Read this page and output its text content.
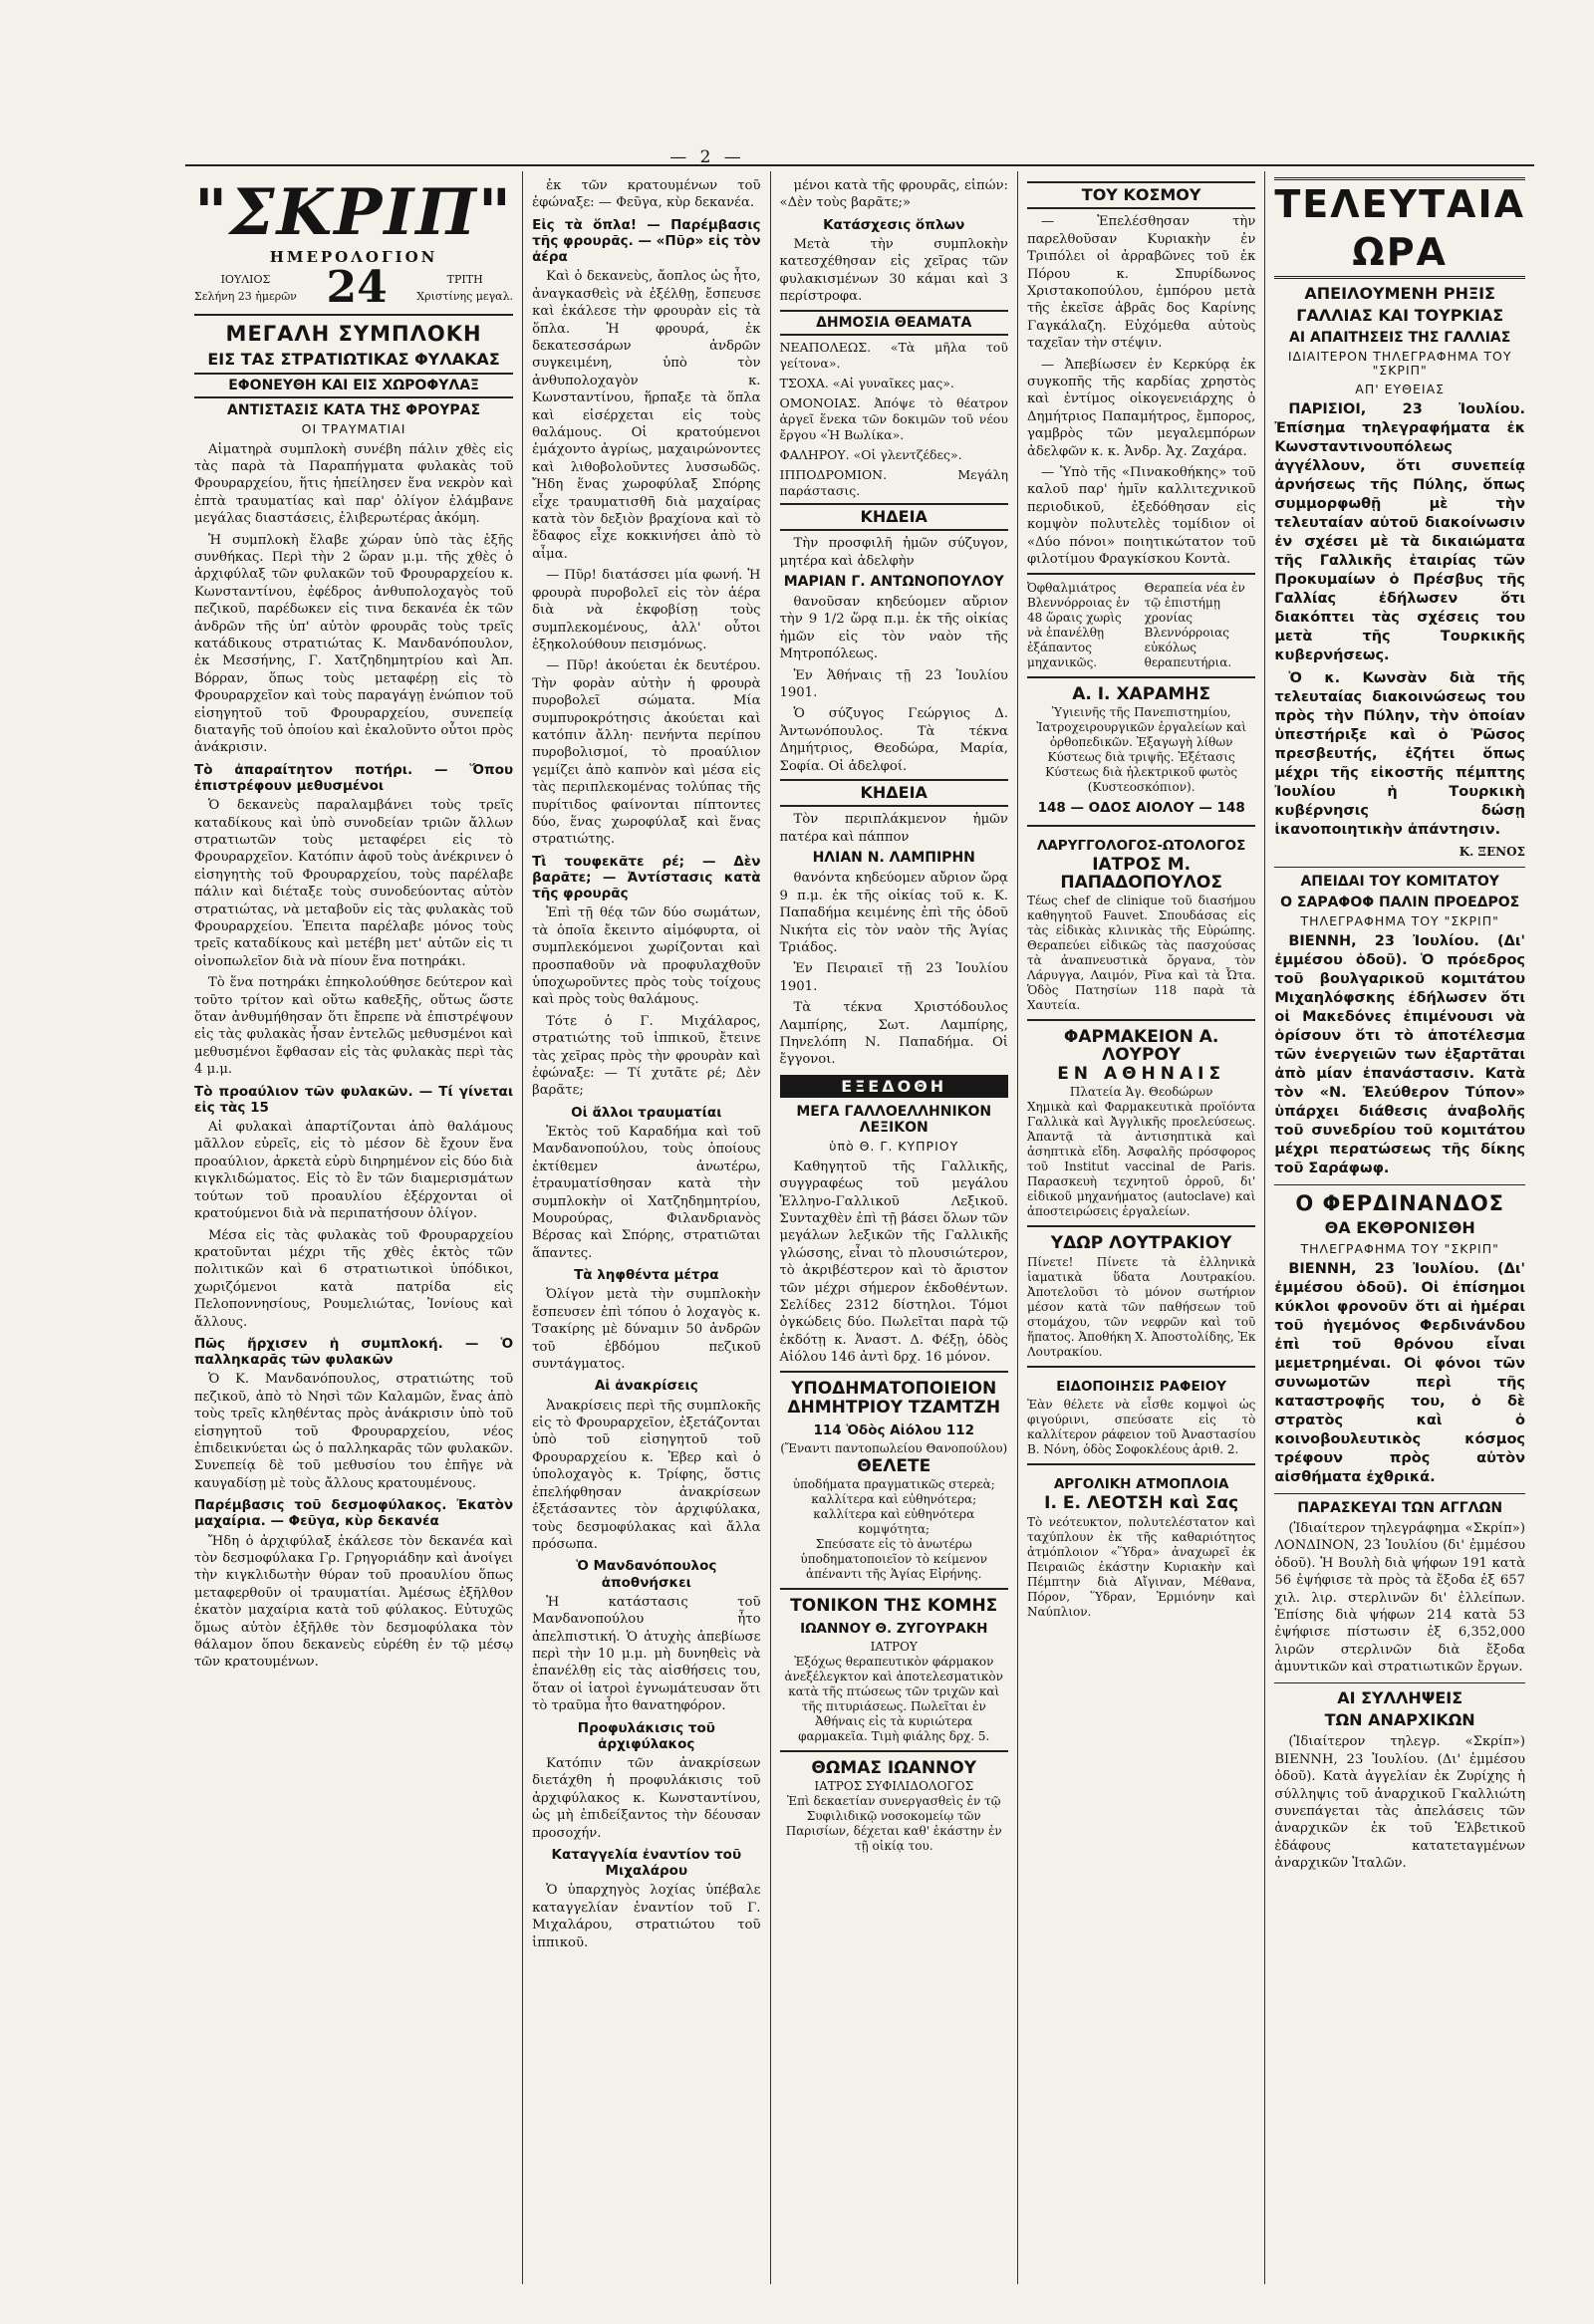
— 2 —
"ΣΚΡΙΠ"
ΗΜΕΡΟΛΟΓΙΟΝ
ΙΟΥΛΙΟΣ
Σελήνη 23 ἡμερῶν 24	ΤΡΙΤΗ
Χριστίνης μεγαλ.
ΜΕΓΑΛΗ ΣΥΜΠΛΟΚΗ
ΕΙΣ ΤΑΣ ΣΤΡΑΤΙΩΤΙΚΑΣ ΦΥΛΑΚΑΣ
ΕΦΟΝΕΥΘΗ ΚΑΙ ΕΙΣ ΧΩΡΟΦΥΛΑΞ
ΑΝΤΙΣΤΑΣΙΣ ΚΑΤΑ ΤΗΣ ΦΡΟΥΡΑΣ
ΟΙ ΤΡΑΥΜΑΤΙΑΙ

Αἱματηρὰ συμπλοκὴ συνέβη πάλιν χθὲς εἰς τὰς παρὰ τὰ Παραπήγματα φυλακὰς τοῦ Φρουραρχείου, ἥτις ἠπείλησεν ἕνα νεκρὸν καὶ ἑπτὰ τραυματίας καὶ παρ' ὀλίγον ἐλάμβανε μεγάλας διαστάσεις, ἐλιβερωτέρας ἀκόμη.

Ἡ συμπλοκὴ ἔλαβε χώραν ὑπὸ τὰς ἑξῆς συνθήκας. Περὶ τὴν 2 ὥραν μ.μ. τῆς χθὲς ὁ ἀρχιφύλαξ τῶν φυλακῶν τοῦ Φρουραρχείου κ. Κωνσταντίνου, ἐφέδρος ἀνθυπολοχαγὸς τοῦ πεζικοῦ, παρέδωκεν εἰς τινα δεκανέα ἐκ τῶν ἀνδρῶν τῆς ὑπ' αὐτὸν φρουρᾶς τοὺς τρεῖς κατάδικους στρατιώτας Κ. Μανδανόπουλον, ἐκ Μεσσήνης, Γ. Χατζηδημητρίου καὶ Ἀπ. Βόρραν, ὅπως τοὺς μεταφέρῃ εἰς τὸ Φρουραρχεῖον καὶ τοὺς παραγάγῃ ἐνώπιον τοῦ εἰσηγητοῦ τοῦ Φρουραρχείου, συνεπείᾳ διαταγῆς τοῦ ὁποίου καὶ ἐκαλοῦντο οὗτοι πρὸς ἀνάκρισιν.

Τὸ ἀπαραίτητον ποτήρι. — Ὅπου ἐπιστρέφουν μεθυσμένοι

Ὁ δεκανεὺς παραλαμβάνει τοὺς τρεῖς καταδίκους καὶ ὑπὸ συνοδείαν τριῶν ἄλλων στρατιωτῶν τοὺς μεταφέρει εἰς τὸ Φρουραρχεῖον. Κατόπιν ἀφοῦ τοὺς ἀνέκρινεν ὁ εἰσηγητὴς τοῦ Φρουραρχείου, τοὺς παρέλαβε πάλιν καὶ διέταξε τοὺς συνοδεύοντας αὐτὸν στρατιώτας, νὰ μεταβοῦν εἰς τὰς φυλακὰς τοῦ Φρουραρχείου. Ἐπειτα παρέλαβε μόνος τοὺς τρεῖς καταδίκους καὶ μετέβη μετ' αὐτῶν εἰς τι οἰνοπωλεῖον διὰ νὰ πίουν ἕνα ποτηράκι.

Τὸ ἕνα ποτηράκι ἐπηκολούθησε δεύτερον καὶ τοῦτο τρίτον καὶ οὕτω καθεξῆς, οὕτως ὥστε ὅταν ἀνθυμήθησαν ὅτι ἔπρεπε νὰ ἐπιστρέψουν εἰς τὰς φυλακὰς ἦσαν ἐντελῶς μεθυσμένοι καὶ μεθυσμένοι ἔφθασαν εἰς τὰς φυλακὰς περὶ τὰς 4 μ.μ.

Τὸ προαύλιον τῶν φυλακῶν. — Τί γίνεται εἰς τὰς 15

Αἱ φυλακαὶ ἀπαρτίζονται ἀπὸ θαλάμους μᾶλλον εὐρεῖς, εἰς τὸ μέσον δὲ ἔχουν ἕνα προαύλιον, ἀρκετὰ εὐρὺ διηρημένον εἰς δύο διὰ κιγκλιδώματος. Εἰς τὸ ἓν τῶν διαμερισμάτων τούτων τοῦ προαυλίου ἐξέρχονται οἱ κρατούμενοι διὰ νὰ περιπατήσουν ὀλίγον.

Μέσα εἰς τὰς φυλακὰς τοῦ Φρουραρχείου κρατοῦνται μέχρι τῆς χθὲς ἐκτὸς τῶν πολιτικῶν καὶ 6 στρατιωτικοὶ ὑπόδικοι, χωριζόμενοι κατὰ πατρίδα εἰς Πελοποννησίους, Ρουμελιώτας, Ἰονίους καὶ ἄλλους.

Πῶς ἤρχισεν ἡ συμπλοκή. — Ὁ παλληκαρᾶς τῶν φυλακῶν

Ὁ Κ. Μανδανόπουλος, στρατιώτης τοῦ πεζικοῦ, ἀπὸ τὸ Νησὶ τῶν Καλαμῶν, ἔνας ἀπὸ τοὺς τρεῖς κληθέντας πρὸς ἀνάκρισιν ὑπὸ τοῦ εἰσηγητοῦ τοῦ Φρουραρχείου, νέος ἐπιδεικνύεται ὡς ὁ παλληκαρᾶς τῶν φυλακῶν. Συνεπείᾳ δὲ τοῦ μεθυσίου του ἐπῆγε νὰ καυγαδίσῃ μὲ τοὺς ἄλλους κρατουμένους.

Παρέμβασις τοῦ δεσμοφύλακος. Ἐκατὸν μαχαίρια. — Φεῦγα, κὺρ δεκανέα

Ἤδη ὁ ἀρχιφύλαξ ἐκάλεσε τὸν δεκανέα καὶ τὸν δεσμοφύλακα Γρ. Γρηγοριάδην καὶ ἀνοίγει τὴν κιγκλιδωτὴν θύραν τοῦ προαυλίου ὅπως μεταφερθοῦν οἱ τραυματίαι. Ἀμέσως ἐξῆλθον ἐκατὸν μαχαίρια κατὰ τοῦ φύλακος. Εὐτυχῶς ὅμως αὐτὸν ἐξῆλθε τὸν δεσμοφύλακα τὸν θάλαμον ὅπου δεκανεὺς εὑρέθη ἐν τῷ μέσῳ τῶν κρατουμένων.

ἐκ τῶν κρατουμένων τοῦ ἐφώναξε: — Φεῦγα, κὺρ δεκανέα.

Εἰς τὰ ὅπλα! — Παρέμβασις τῆς φρουρᾶς. — «Πῦρ» εἰς τὸν ἀέρα

Καὶ ὁ δεκανεὺς, ἄοπλος ὡς ἦτο, ἀναγκασθεὶς νὰ ἐξέλθῃ, ἔσπευσε καὶ ἐκάλεσε τὴν φρουρὰν εἰς τὰ ὅπλα. Ἡ φρουρά, ἐκ δεκατεσσάρων ἀνδρῶν συγκειμένη, ὑπὸ τὸν ἀνθυπολοχαγὸν κ. Κωνσταντίνου, ἥρπαξε τὰ ὅπλα καὶ εἰσέρχεται εἰς τοὺς θαλάμους. Οἱ κρατούμενοι ἐμάχοντο ἀγρίως, μαχαιρώνοντες καὶ λιθοβολοῦντες λυσσωδῶς. Ἤδη ἕνας χωροφύλαξ Σπόρης εἶχε τραυματισθῆ διὰ μαχαίρας κατὰ τὸν δεξιὸν βραχίονα καὶ τὸ ἔδαφος εἶχε κοκκινήσει ἀπὸ τὸ αἷμα.

— Πῦρ! διατάσσει μία φωνή. Ἡ φρουρὰ πυροβολεῖ εἰς τὸν ἀέρα διὰ νὰ ἐκφοβίσῃ τοὺς συμπλεκομένους, ἀλλ' οὗτοι ἐξηκολούθουν πεισμόνως.

— Πῦρ! ἀκούεται ἐκ δευτέρου. Τὴν φορὰν αὐτὴν ἡ φρουρὰ πυροβολεῖ σώματα. Μία συμπυροκρότησις ἀκούεται καὶ κατόπιν ἄλλη· πενήντα περίπου πυροβολισμοί, τὸ προαύλιον γεμίζει ἀπὸ καπνὸν καὶ μέσα εἰς τὰς περιπλεκομένας τολύπας τῆς πυρίτιδος φαίνονται πίπτοντες δύο, ἕνας χωροφύλαξ καὶ ἕνας στρατιώτης.

Τὶ τουφεκᾶτε ρέ; — Δὲν βαρᾶτε; — Ἀντίστασις κατὰ τῆς φρουρᾶς

Ἐπὶ τῇ θέᾳ τῶν δύο σωμάτων, τὰ ὁποῖα ἔκειντο αἱμόφυρτα, οἱ συμπλεκόμενοι χωρίζονται καὶ προσπαθοῦν νὰ προφυλαχθοῦν ὑποχωροῦντες πρὸς τοὺς τοίχους καὶ πρὸς τοὺς θαλάμους.

Τότε ὁ Γ. Μιχάλαρος, στρατιώτης τοῦ ἱππικοῦ, ἔτεινε τὰς χεῖρας πρὸς τὴν φρουρὰν καὶ ἐφώναξε: — Τί χυτᾶτε ρέ; Δὲν βαρᾶτε;

Οἱ ἄλλοι τραυματίαι

Ἐκτὸς τοῦ Καραδήμα καὶ τοῦ Μανδανοπούλου, τοὺς ὁποίους ἐκτίθεμεν ἀνωτέρω, ἐτραυματίσθησαν κατὰ τὴν συμπλοκὴν οἱ Χατζηδημητρίου, Μουρούρας, Φιλανδριανὸς Βέρσας καὶ Σπόρης, στρατιῶται ἅπαντες.

Τὰ ληφθέντα μέτρα

Ὀλίγον μετὰ τὴν συμπλοκὴν ἔσπευσεν ἐπὶ τόπου ὁ λοχαγὸς κ. Τσακίρης μὲ δύναμιν 50 ἀνδρῶν τοῦ ἑβδόμου πεζικοῦ συντάγματος.

Αἱ ἀνακρίσεις

Ἀνακρίσεις περὶ τῆς συμπλοκῆς εἰς τὸ Φρουραρχεῖον, ἐξετάζονται ὑπὸ τοῦ εἰσηγητοῦ τοῦ Φρουραρχείου κ. Ἐβερ καὶ ὁ ὑπολοχαγὸς κ. Τρίφης, ὅστις ἐπελήφθησαν ἀνακρίσεων ἐξετάσαντες τὸν ἀρχιφύλακα, τοὺς δεσμοφύλακας καὶ ἄλλα πρόσωπα.

Ὁ Μανδανόπουλος ἀποθνήσκει

Ἡ κατάστασις τοῦ Μανδανοπούλου ἦτο ἀπελπιστική. Ὁ ἀτυχὴς ἀπεβίωσε περὶ τὴν 10 μ.μ. μὴ δυνηθεὶς νὰ ἐπανέλθῃ εἰς τὰς αἰσθήσεις του, ὅταν οἱ ἰατροὶ ἐγνωμάτευσαν ὅτι τὸ τραῦμα ἦτο θανατηφόρον.

Προφυλάκισις τοῦ ἀρχιφύλακος

Κατόπιν τῶν ἀνακρίσεων διετάχθη ἡ προφυλάκισις τοῦ ἀρχιφύλακος κ. Κωνσταντίνου, ὡς μὴ ἐπιδείξαντος τὴν δέουσαν προσοχήν.

Καταγγελία ἐναντίον τοῦ Μιχαλάρου

Ὁ ὑπαρχηγὸς λοχίας ὑπέβαλε καταγγελίαν ἐναντίον τοῦ Γ. Μιχαλάρου, στρατιώτου τοῦ ἱππικοῦ.

μένοι κατὰ τῆς φρουρᾶς, εἰπών: «Δὲν τοὺς βαρᾶτε;»

Κατάσχεσις ὅπλων

Μετὰ τὴν συμπλοκὴν κατεσχέθησαν εἰς χεῖρας τῶν φυλακισμένων 30 κάμαι καὶ 3 περίστροφα.

ΔΗΜΟΣΙΑ ΘΕΑΜΑΤΑ

ΝΕΑΠΟΛΕΩΣ. «Τὰ μῆλα τοῦ γείτονα».

ΤΣΟΧΑ. «Αἱ γυναῖκες μας».

ΟΜΟΝΟΙΑΣ. Ἀπόψε τὸ θέατρον ἀργεῖ ἕνεκα τῶν δοκιμῶν τοῦ νέου ἔργου «Ἡ Βωλίκα».

ΦΑΛΗΡΟΥ. «Οἱ γλεντζέδες».

ΙΠΠΟΔΡΟΜΙΟΝ. Μεγάλη παράστασις.

ΚΗΔΕΙΑ

Τὴν προσφιλῆ ἡμῶν σύζυγον, μητέρα καὶ ἀδελφὴν

ΜΑΡΙΑΝ Γ. ΑΝΤΩΝΟΠΟΥΛΟΥ

θανοῦσαν κηδεύομεν αὔριον τὴν 9 1/2 ὥρᾳ π.μ. ἐκ τῆς οἰκίας ἡμῶν εἰς τὸν ναὸν τῆς Μητροπόλεως.

Ἐν Ἀθήναις τῇ 23 Ἰουλίου 1901.

Ὁ σύζυγος Γεώργιος Δ. Ἀντωνόπουλος. Τὰ τέκνα Δημήτριος, Θεοδώρα, Μαρία, Σοφία. Οἱ ἀδελφοί.

ΚΗΔΕΙΑ

Τὸν περιπλάκμενον ἡμῶν πατέρα καὶ πάππον

ΗΛΙΑΝ Ν. ΛΑΜΠΙΡΗΝ

θανόντα κηδεύομεν αὔριον ὥρᾳ 9 π.μ. ἐκ τῆς οἰκίας τοῦ κ. Κ. Παπαδήμα κειμένης ἐπὶ τῆς ὁδοῦ Νικήτα εἰς τὸν ναὸν τῆς Ἁγίας Τριάδος.

Ἐν Πειραιεῖ τῇ 23 Ἰουλίου 1901.

Τὰ τέκνα Χριστόδουλος Λαμπίρης, Σωτ. Λαμπίρης, Πηνελόπη Ν. Παπαδήμα. Οἱ ἔγγονοι.

ΕΞΕΔΟΘΗ
ΜΕΓΑ ΓΑΛΛΟΕΛΛΗΝΙΚΟΝ ΛΕΞΙΚΟΝ
ὑπὸ Θ. Γ. ΚΥΠΡΙΟΥ

Καθηγητοῦ τῆς Γαλλικῆς, συγγραφέως τοῦ μεγάλου Ἑλληνο-Γαλλικοῦ Λεξικοῦ. Συνταχθὲν ἐπὶ τῇ βάσει ὅλων τῶν μεγάλων λεξικῶν τῆς Γαλλικῆς γλώσσης, εἶναι τὸ πλουσιώτερον, τὸ ἀκριβέστερον καὶ τὸ ἄριστον τῶν μέχρι σήμερον ἐκδοθέντων. Σελίδες 2312 δίστηλοι. Τόμοι ὀγκώδεις δύο. Πωλεῖται παρὰ τῷ ἐκδότῃ κ. Ἀναστ. Δ. Φέξῃ, ὁδὸς Αἰόλου 146 ἀντὶ δρχ. 16 μόνον.

ΥΠΟΔΗΜΑΤΟΠΟΙΕΙΟΝ
ΔΗΜΗΤΡΙΟΥ ΤΖΑΜΤΖΗ
114 Ὁδὸς Αἰόλου 112
(Ἔναντι παντοπωλείου Θανοπούλου)
ΘΕΛΕΤΕ
ὑποδήματα πραγματικῶς στερεὰ;
καλλίτερα καὶ εὐθηνότερα;
καλλίτερα καὶ εὐθηνότερα κομψότητα;
Σπεύσατε εἰς τὸ ἀνωτέρω ὑποδηματοποιεῖον τὸ κείμενον ἀπέναντι τῆς Ἁγίας Εἰρήνης.
ΤΟΝΙΚΟΝ ΤΗΣ ΚΟΜΗΣ
ΙΩΑΝΝΟΥ Θ. ΖΥΓΟΥΡΑΚΗ
ΙΑΤΡΟΥ
Ἐξόχως θεραπευτικὸν φάρμακον ἀνεξέλεγκτον καὶ ἀποτελεσματικὸν κατὰ τῆς πτώσεως τῶν τριχῶν καὶ τῆς πιτυριάσεως. Πωλεῖται ἐν Ἀθήναις εἰς τὰ κυριώτερα φαρμακεῖα. Τιμὴ φιάλης δρχ. 5.
ΘΩΜΑΣ ΙΩΑΝΝΟΥ
ΙΑΤΡΟΣ ΣΥΦΙΛΙΔΟΛΟΓΟΣ
Ἐπὶ δεκαετίαν συνεργασθεὶς ἐν τῷ Συφιλιδικῷ νοσοκομείῳ τῶν Παρισίων, δέχεται καθ' ἑκάστην ἐν τῇ οἰκίᾳ του.
ΤΟΥ ΚΟΣΜΟΥ

— Ἐπελέσθησαν τὴν παρελθοῦσαν Κυριακὴν ἐν Τριπόλει οἱ ἀρραβῶνες τοῦ ἐκ Πόρου κ. Σπυρίδωνος Χριστακοπούλου, ἐμπόρου μετὰ τῆς ἐκεῖσε ἀβρᾶς δος Καρίνης Γαγκάλαζη. Εὐχόμεθα αὐτοὺς ταχεῖαν τὴν στέψιν.

— Ἀπεβίωσεν ἐν Κερκύρᾳ ἐκ συγκοπῆς τῆς καρδίας χρηστὸς καὶ ἐντίμος οἰκογενειάρχης ὁ Δημήτριος Παπαμήτρος, ἔμπορος, γαμβρὸς τῶν μεγαλεμπόρων ἀδελφῶν κ. κ. Ἀνδρ. Ἀχ. Ζαχάρα.

— Ὑπὸ τῆς «Πινακοθήκης» τοῦ καλοῦ παρ' ἡμῖν καλλιτεχνικοῦ περιοδικοῦ, ἐξεδόθησαν εἰς κομψὸν πολυτελὲς τομίδιον οἱ «Δύο πόνοι» ποιητικώτατον τοῦ φιλοτίμου Φραγκίσκου Κοντὰ.

Ὀφθαλμιάτρος Βλεννόρροιας ἐν 48 ὥραις χωρὶς νὰ ἐπανέλθῃ ἐξάπαντος μηχανικῶς.
Θεραπεία νέα ἐν τῷ ἐπιστήμῃ χρονίας Βλεννόρροιας εὐκόλως θεραπευτήρια.
Α. Ι. ΧΑΡΑΜΗΣ
Ὑγιεινῆς τῆς Πανεπιστημίου, Ἰατροχειρουργικῶν ἐργαλείων καὶ ὀρθοπεδικῶν. Ἐξαγωγὴ λίθων Κύστεως διὰ τριψῆς. Ἐξέτασις Κύστεως διὰ ἠλεκτρικοῦ φωτὸς (Κυστεοσκόπιον).
148 — ΟΔΟΣ ΑΙΟΛΟΥ — 148
ΛΑΡΥΓΓΟΛΟΓΟΣ-ΩΤΟΛΟΓΟΣ
ΙΑΤΡΟΣ Μ. ΠΑΠΑΔΟΠΟΥΛΟΣ
Τέως chef de clinique τοῦ διασήμου καθηγητοῦ Fauvet. Σπουδάσας εἰς τὰς εἰδικὰς κλινικὰς τῆς Εὐρώπης. Θεραπεύει εἰδικῶς τὰς πασχούσας τὰ ἀναπνευστικὰ ὄργανα, τὸν Λάρυγγα, Λαιμόν, Ρῖνα καὶ τὰ Ὦτα. Ὁδὸς Πατησίων 118 παρὰ τὰ Χαυτεία.
ΦΑΡΜΑΚΕΙΟΝ Α. ΛΟΥΡΟΥ
ΕΝ ΑΘΗΝΑΙΣ
Πλατεία Ἁγ. Θεοδώρων
Χημικὰ καὶ Φαρμακευτικὰ προϊόντα Γαλλικὰ καὶ Ἀγγλικῆς προελεύσεως. Ἀπαντᾷ τὰ ἀντισηπτικὰ καὶ ἀσηπτικὰ εἴδη. Ἀσφαλῆς πρόσφορος τοῦ Institut vaccinal de Paris. Παρασκευὴ τεχνητοῦ ὀρροῦ, δι' εἰδικοῦ μηχανήματος (autoclave) καὶ ἀποστειρώσεις ἐργαλείων.
ΥΔΩΡ ΛΟΥΤΡΑΚΙΟΥ
Πίνετε! Πίνετε τὰ ἑλληνικὰ ἰαματικὰ ὕδατα Λουτρακίου. Ἀποτελοῦσι τὸ μόνον σωτήριον μέσον κατὰ τῶν παθήσεων τοῦ στομάχου, τῶν νεφρῶν καὶ τοῦ ἥπατος. Ἀποθήκη Χ. Ἀποστολίδης, Ἐκ Λουτρακίου.
ΕΙΔΟΠΟΙΗΣΙΣ ΡΑΦΕΙΟΥ
Ἐὰν θέλετε νὰ εἶσθε κομψοὶ ὡς φιγούρινι, σπεύσατε εἰς τὸ καλλίτερον ράφειον τοῦ Ἀναστασίου Β. Νόνη, ὁδὸς Σοφοκλέους ἀριθ. 2.
ΑΡΓΟΛΙΚΗ ΑΤΜΟΠΛΟΙΑ
Ι. Ε. ΛΕΟΤΣΗ καὶ Σας
Τὸ νεότευκτον, πολυτελέστατον καὶ ταχύπλουν ἐκ τῆς καθαριότητος ἀτμόπλοιον «Ὕδρα» ἀναχωρεῖ ἐκ Πειραιῶς ἑκάστην Κυριακὴν καὶ Πέμπτην διὰ Αἴγιναν, Μέθανα, Πόρον, Ὕδραν, Ἑρμιόνην καὶ Ναύπλιον.
ΤΕΛΕΥΤΑΙΑ ΩΡΑ
ΑΠΕΙΛΟΥΜΕΝΗ ΡΗΞΙΣ
ΓΑΛΛΙΑΣ ΚΑΙ ΤΟΥΡΚΙΑΣ
ΑΙ ΑΠΑΙΤΗΣΕΙΣ ΤΗΣ ΓΑΛΛΙΑΣ
ΙΔΙΑΙΤΕΡΟΝ ΤΗΛΕΓΡΑΦΗΜΑ ΤΟΥ "ΣΚΡΙΠ"
ΑΠ' ΕΥΘΕΙΑΣ

ΠΑΡΙΣΙΟΙ, 23 Ἰουλίου. Ἐπίσημα τηλεγραφήματα ἐκ Κωνσταντινουπόλεως ἀγγέλλουν, ὅτι συνεπείᾳ ἀρνήσεως τῆς Πύλης, ὅπως συμμορφωθῇ μὲ τὴν τελευταίαν αὐτοῦ διακοίνωσιν ἐν σχέσει μὲ τὰ δικαιώματα τῆς Γαλλικῆς ἑταιρίας τῶν Προκυμαίων ὁ Πρέσβυς τῆς Γαλλίας ἐδήλωσεν ὅτι διακόπτει τὰς σχέσεις του μετὰ τῆς Τουρκικῆς κυβερνήσεως.

Ὁ κ. Κωνσὰν διὰ τῆς τελευταίας διακοινώσεως του πρὸς τὴν Πύλην, τὴν ὁποίαν ὑπεστήριξε καὶ ὁ Ῥῶσος πρεσβευτής, ἐζήτει ὅπως μέχρι τῆς εἰκοστῆς πέμπτης Ἰουλίου ἡ Τουρκικὴ κυβέρνησις δώσῃ ἱκανοποιητικὴν ἀπάντησιν.

Κ. ΞΕΝΟΣ
ΑΠΕΙΔΑΙ ΤΟΥ ΚΟΜΙΤΑΤΟΥ
Ο ΣΑΡΑΦΟΦ ΠΑΛΙΝ ΠΡΟΕΔΡΟΣ
ΤΗΛΕΓΡΑΦΗΜΑ ΤΟΥ "ΣΚΡΙΠ"

ΒΙΕΝΝΗ, 23 Ἰουλίου. (Δι' ἐμμέσου ὁδοῦ). Ὁ πρόεδρος τοῦ βουλγαρικοῦ κομιτάτου Μιχαηλόφσκης ἐδήλωσεν ὅτι οἱ Μακεδόνες ἐπιμένουσι νὰ ὁρίσουν ὅτι τὸ ἀποτέλεσμα τῶν ἐνεργειῶν των ἐξαρτᾶται ἀπὸ μίαν ἐπανάστασιν. Κατὰ τὸν «Ν. Ἐλεύθερον Τύπον» ὑπάρχει διάθεσις ἀναβολῆς τοῦ συνεδρίου τοῦ κομιτάτου μέχρι περατώσεως τῆς δίκης τοῦ Σαράφωφ.

Ο ΦΕΡΔΙΝΑΝΔΟΣ
ΘΑ ΕΚΘΡΟΝΙΣΘΗ
ΤΗΛΕΓΡΑΦΗΜΑ ΤΟΥ "ΣΚΡΙΠ"

ΒΙΕΝΝΗ, 23 Ἰουλίου. (Δι' ἐμμέσου ὁδοῦ). Οἱ ἐπίσημοι κύκλοι φρονοῦν ὅτι αἱ ἡμέραι τοῦ ἡγεμόνος Φερδινάνδου ἐπὶ τοῦ θρόνου εἶναι μεμετρημέναι. Οἱ φόνοι τῶν συνωμοτῶν περὶ τῆς καταστροφῆς του, ὁ δὲ στρατὸς καὶ ὁ κοινοβουλευτικὸς κόσμος τρέφουν πρὸς αὐτὸν αἰσθήματα ἐχθρικά.

ΠΑΡΑΣΚΕΥΑΙ ΤΩΝ ΑΓΓΛΩΝ

(Ἰδιαίτερον τηλεγράφημα «Σκρίπ») ΛΟΝΔΙΝΟΝ, 23 Ἰουλίου (δι' ἐμμέσου ὁδοῦ). Ἡ Βουλὴ διὰ ψήφων 191 κατὰ 56 ἐψήφισε τὰ πρὸς τὰ ἔξοδα ἐξ 657 χιλ. λιρ. στερλινῶν δι' ἐλλείπων. Ἐπίσης διὰ ψήφων 214 κατὰ 53 ἐψήφισε πίστωσιν ἐξ 6,352,000 λιρῶν στερλινῶν διὰ ἔξοδα ἀμυντικῶν καὶ στρατιωτικῶν ἔργων.

ΑΙ ΣΥΛΛΗΨΕΙΣ
ΤΩΝ ΑΝΑΡΧΙΚΩΝ

(Ἰδιαίτερον τηλεγρ. «Σκρίπ») ΒΙΕΝΝΗ, 23 Ἰουλίου. (Δι' ἐμμέσου ὁδοῦ). Κατὰ ἀγγελίαν ἐκ Ζυρίχης ἡ σύλληψις τοῦ ἀναρχικοῦ Γκαλλιώτη συνεπάγεται τὰς ἀπελάσεις τῶν ἀναρχικῶν ἐκ τοῦ Ἑλβετικοῦ ἐδάφους κατατεταγμένων ἀναρχικῶν Ἰταλῶν.
